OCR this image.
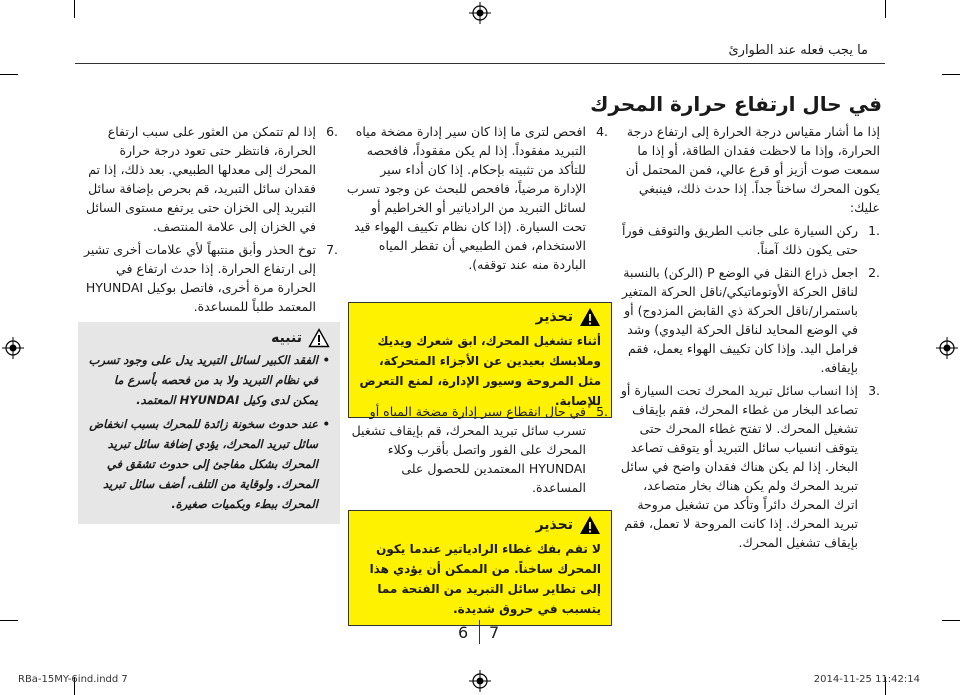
ما يجب فعله عند الطوارئ
في حال ارتفاع حرارة المحرك

إذا ما أشار مقياس درجة الحرارة إلى ارتفاع درجة الحرارة، وإذا ما لاحظت فقدان الطاقة، أو إذا ما سمعت صوت أزيز أو قرع عالي، فمن المحتمل أن يكون المحرك ساخناً جداً. إذا حدث ذلك، فينبغي عليك:

.1
ركن السيارة على جانب الطريق والتوقف فوراً حتى يكون ذلك آمناً.
.2
اجعل ذراع النقل في الوضع P (الركن) بالنسبة لناقل الحركة الأوتوماتيكي/ناقل الحركة المتغير باستمرار/ناقل الحركة ذي القابض المزدوج) أو في الوضع المحايد لناقل الحركة اليدوي) وشد فرامل اليد. وإذا كان تكييف الهواء يعمل، فقم بإيقافه.
.3
إذا انساب سائل تبريد المحرك تحت السيارة أو تصاعد البخار من غطاء المحرك، فقم بإيقاف تشغيل المحرك. لا تفتح غطاء المحرك حتى يتوقف انسياب سائل التبريد أو يتوقف تصاعد البخار. إذا لم يكن هناك فقدان واضح في سائل تبريد المحرك ولم يكن هناك بخار متصاعد، اترك المحرك دائراً وتأكد من تشغيل مروحة تبريد المحرك. إذا كانت المروحة لا تعمل، فقم بإيقاف تشغيل المحرك.
.4
افحص لترى ما إذا كان سير إدارة مضخة مياه التبريد مفقوداً. إذا لم يكن مفقوداً، فافحصه للتأكد من تثبيته بإحكام. إذا كان أداء سير الإدارة مرضياً، فافحص للبحث عن وجود تسرب لسائل التبريد من الرادياتير أو الخراطيم أو تحت السيارة. (إذا كان نظام تكييف الهواء قيد الاستخدام، فمن الطبيعي أن تقطر المياه الباردة منه عند توقفه).
تحذير
أثناء تشغيل المحرك، ابق شعرك ويديك وملابسك بعيدين عن الأجزاء المتحركة، مثل المروحة وسيور الإدارة، لمنع التعرض للإصابة.
.5
في حال انقطاع سير إدارة مضخة المياه أو تسرب سائل تبريد المحرك، قم بإيقاف تشغيل المحرك على الفور واتصل بأقرب وكلاء HYUNDAI المعتمدين للحصول على المساعدة.
تحذير
لا تقم بفك غطاء الرادياتير عندما يكون المحرك ساخناً. من الممكن أن يؤدي هذا إلى تطاير سائل التبريد من الفتحة مما يتسبب في حروق شديدة.
.6
إذا لم تتمكن من العثور على سبب ارتفاع الحرارة، فانتظر حتى تعود درجة حرارة المحرك إلى معدلها الطبيعي. بعد ذلك، إذا تم فقدان سائل التبريد، قم بحرص بإضافة سائل التبريد إلى الخزان حتى يرتفع مستوى السائل في الخزان إلى علامة المنتصف.
.7
توخ الحذر وأبق منتبهاً لأي علامات أخرى تشير إلى ارتفاع الحرارة. إذا حدث ارتفاع في الحرارة مرة أخرى، فاتصل بوكيل HYUNDAI المعتمد طلباً للمساعدة.
تنبيه
•
الفقد الكبير لسائل التبريد يدل على وجود تسرب في نظام التبريد ولا بد من فحصه بأسرع ما يمكن لدى وكيل HYUNDAI المعتمد.
•
عند حدوث سخونة زائدة للمحرك بسبب انخفاض سائل تبريد المحرك، يؤدي إضافة سائل تبريد المحرك بشكل مفاجئ إلى حدوث تشقق في المحرك. ولوقاية من التلف، أضف سائل تبريد المحرك ببطء وبكميات صغيرة.
7
6
RBa-15MY-6ind.indd 7	2014-11-25 11:42:14
